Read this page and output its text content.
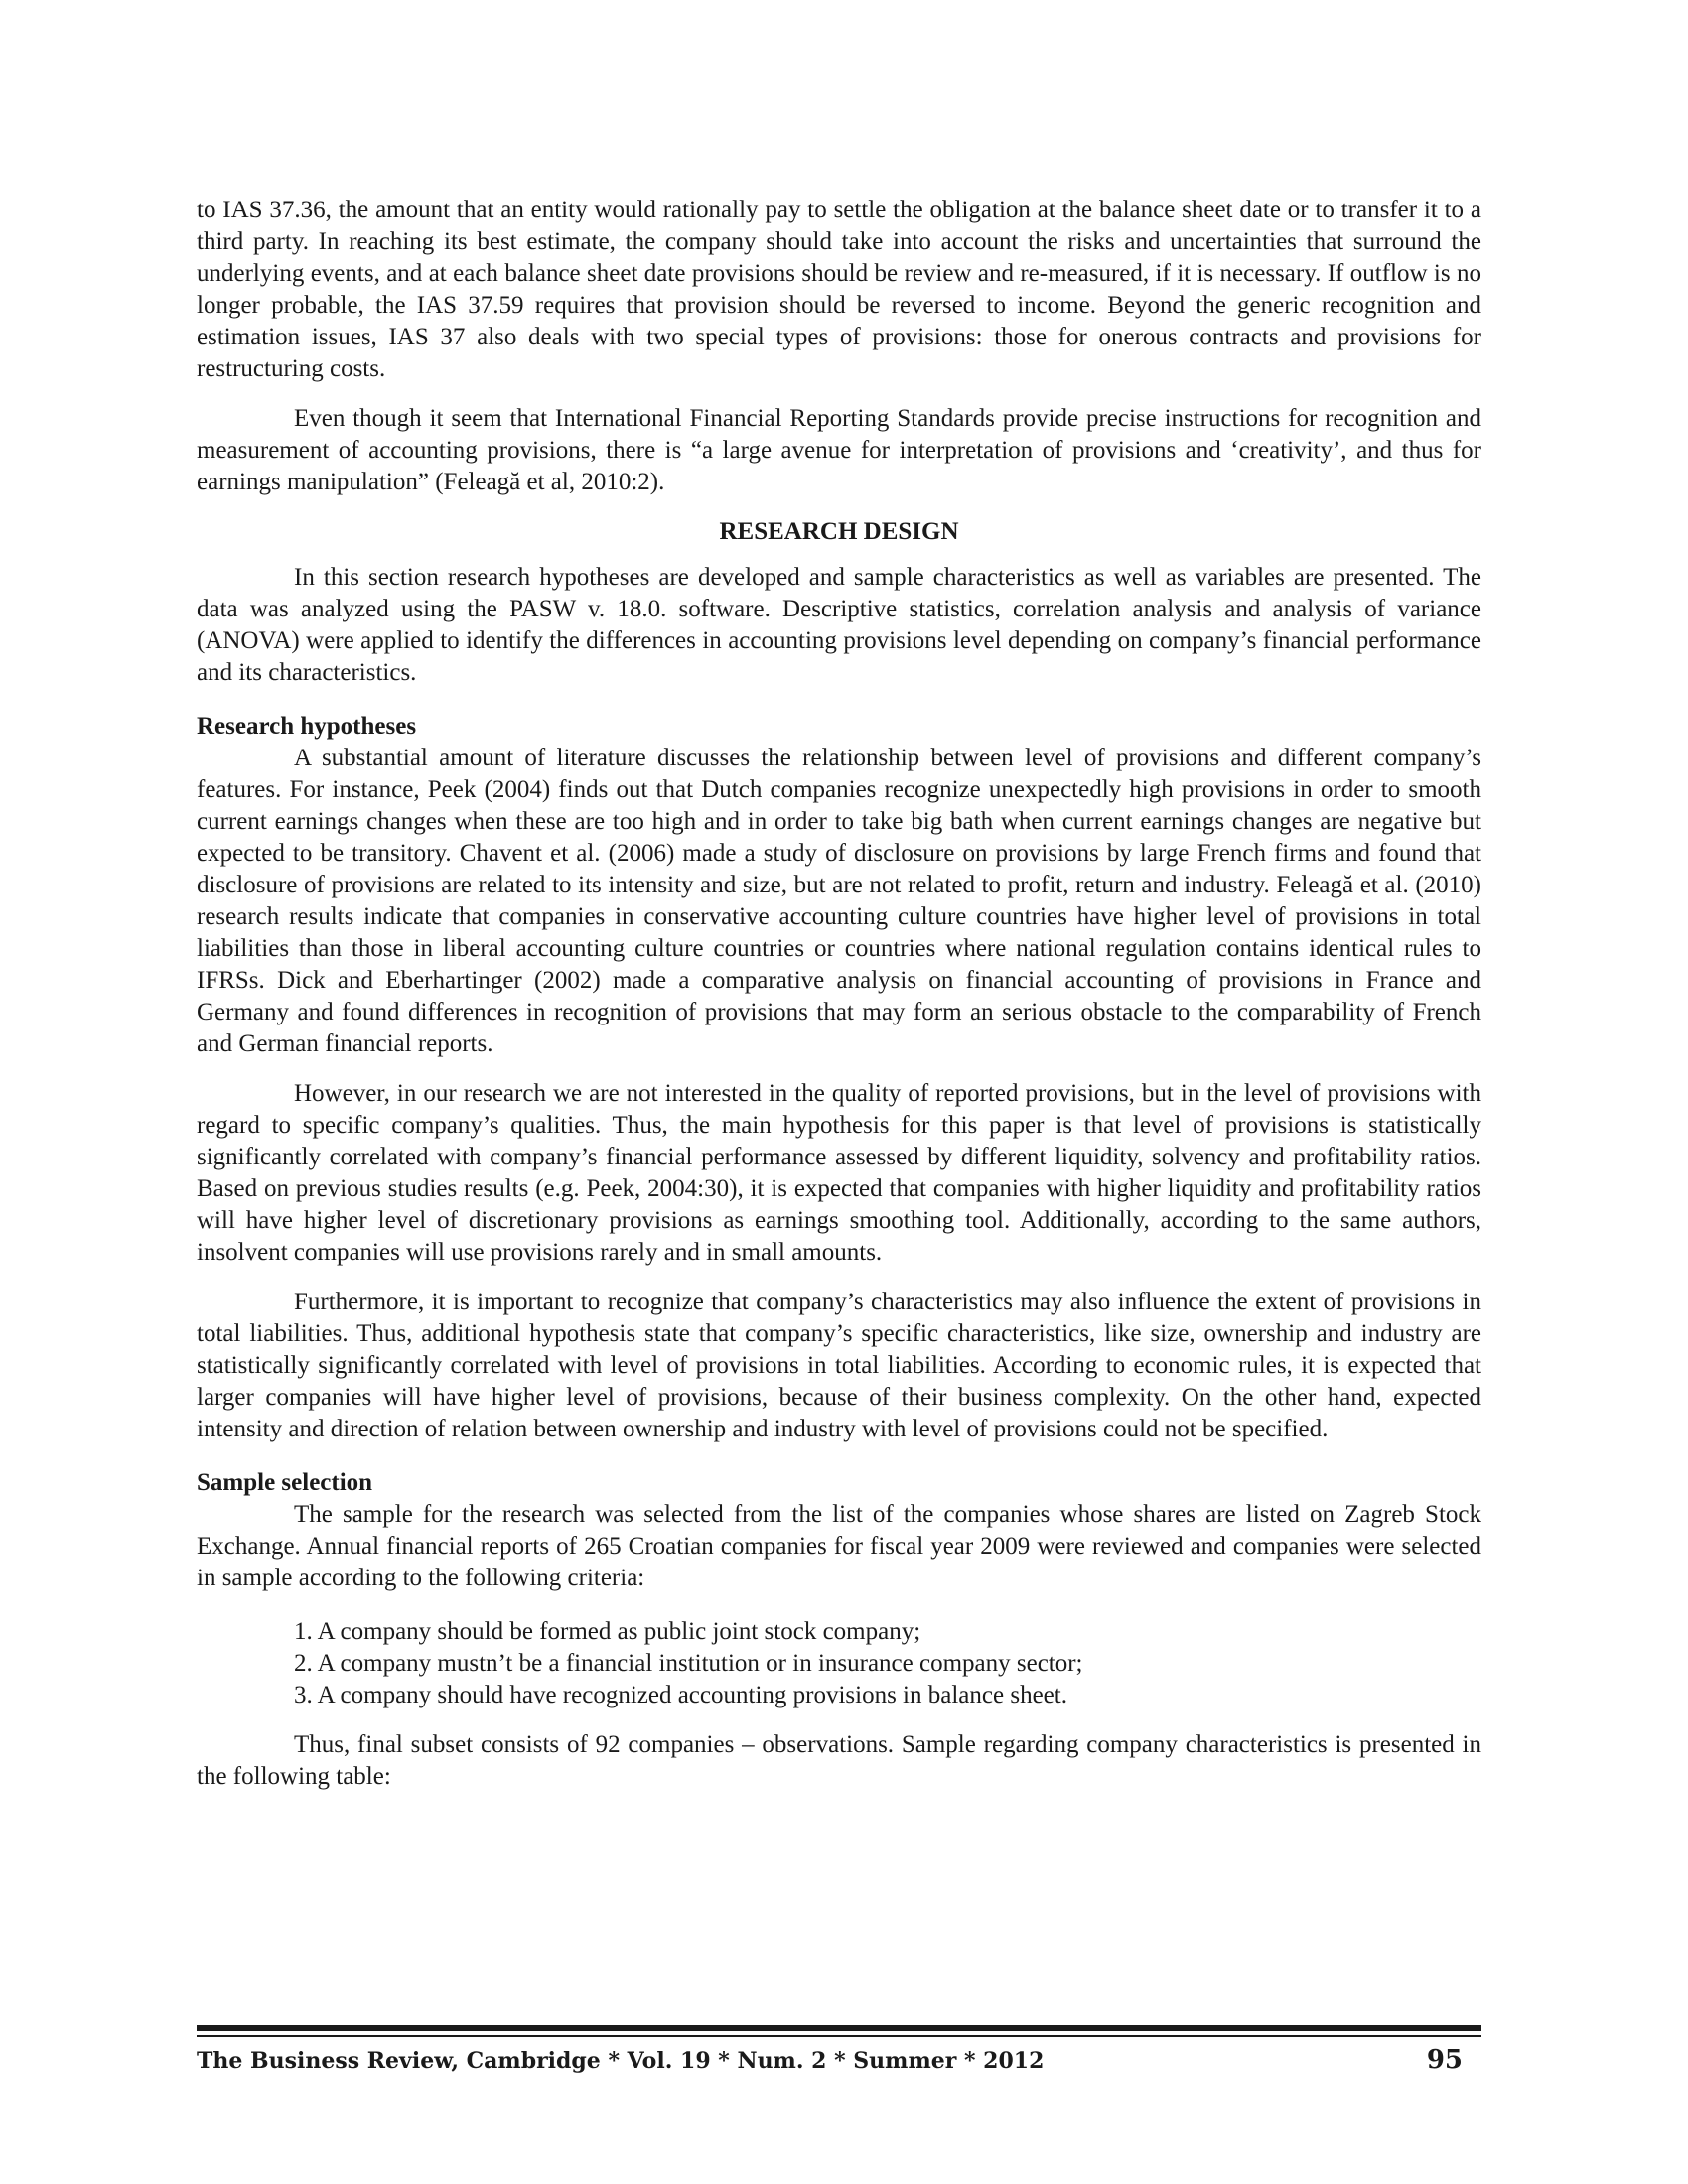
to IAS 37.36, the amount that an entity would rationally pay to settle the obligation at the balance sheet date or to transfer it to a third party. In reaching its best estimate, the company should take into account the risks and uncertainties that surround the underlying events, and at each balance sheet date provisions should be review and re-measured, if it is necessary. If outflow is no longer probable, the IAS 37.59 requires that provision should be reversed to income. Beyond the generic recognition and estimation issues, IAS 37 also deals with two special types of provisions: those for onerous contracts and provisions for restructuring costs.

Even though it seem that International Financial Reporting Standards provide precise instructions for recognition and measurement of accounting provisions, there is “a large avenue for interpretation of provisions and ‘creativity’, and thus for earnings manipulation” (Feleagă et al, 2010:2).

RESEARCH DESIGN

In this section research hypotheses are developed and sample characteristics as well as variables are presented. The data was analyzed using the PASW v. 18.0. software. Descriptive statistics, correlation analysis and analysis of variance (ANOVA) were applied to identify the differences in accounting provisions level depending on company’s financial performance and its characteristics.

Research hypotheses

A substantial amount of literature discusses the relationship between level of provisions and different company’s features. For instance, Peek (2004) finds out that Dutch companies recognize unexpectedly high provisions in order to smooth current earnings changes when these are too high and in order to take big bath when current earnings changes are negative but expected to be transitory. Chavent et al. (2006) made a study of disclosure on provisions by large French firms and found that disclosure of provisions are related to its intensity and size, but are not related to profit, return and industry. Feleagă et al. (2010) research results indicate that companies in conservative accounting culture countries have higher level of provisions in total liabilities than those in liberal accounting culture countries or countries where national regulation contains identical rules to IFRSs. Dick and Eberhartinger (2002) made a comparative analysis on financial accounting of provisions in France and Germany and found differences in recognition of provisions that may form an serious obstacle to the comparability of French and German financial reports.

However, in our research we are not interested in the quality of reported provisions, but in the level of provisions with regard to specific company’s qualities. Thus, the main hypothesis for this paper is that level of provisions is statistically significantly correlated with company’s financial performance assessed by different liquidity, solvency and profitability ratios. Based on previous studies results (e.g. Peek, 2004:30), it is expected that companies with higher liquidity and profitability ratios will have higher level of discretionary provisions as earnings smoothing tool. Additionally, according to the same authors, insolvent companies will use provisions rarely and in small amounts.

Furthermore, it is important to recognize that company’s characteristics may also influence the extent of provisions in total liabilities. Thus, additional hypothesis state that company’s specific characteristics, like size, ownership and industry are statistically significantly correlated with level of provisions in total liabilities. According to economic rules, it is expected that larger companies will have higher level of provisions, because of their business complexity. On the other hand, expected intensity and direction of relation between ownership and industry with level of provisions could not be specified.

Sample selection

The sample for the research was selected from the list of the companies whose shares are listed on Zagreb Stock Exchange. Annual financial reports of 265 Croatian companies for fiscal year 2009 were reviewed and companies were selected in sample according to the following criteria:

1. A company should be formed as public joint stock company;
2. A company mustn’t be a financial institution or in insurance company sector;
3. A company should have recognized accounting provisions in balance sheet.

Thus, final subset consists of 92 companies – observations. Sample regarding company characteristics is presented in the following table:

The Business Review, Cambridge * Vol. 19 * Num. 2 * Summer * 2012	95
